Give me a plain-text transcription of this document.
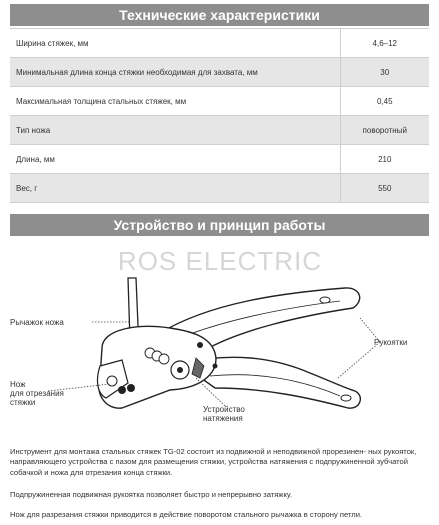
Технические характеристики
Ширина стяжек, мм	4,6–12
Минимальная длина конца стяжки необходимая для захвата, мм	30
Максимальная толщина стальных стяжек, мм	0,45
Тип ножа	поворотный
Длина, мм	210
Вес, г	550
Устройство и принцип работы
ROS ELECTRIC
Рычажок ножа
Рукоятки
Нож
для отрезания
стяжки
Устройство
натяжения

Инструмент для монтажа стальных стяжек TG-02 состоит из подвижной и неподвижной прорезинен- ных рукояток, направляющего устройства с пазом для размещения стяжки, устройства натяжения с подпружиненной зубчатой собачкой и ножа для отрезания конца стяжки.

Подпружиненная подвижная рукоятка позволяет быстро и непрерывно затяжку.

Нож для разрезания стяжки приводится в действие поворотом стального рычажка в сторону петли.
